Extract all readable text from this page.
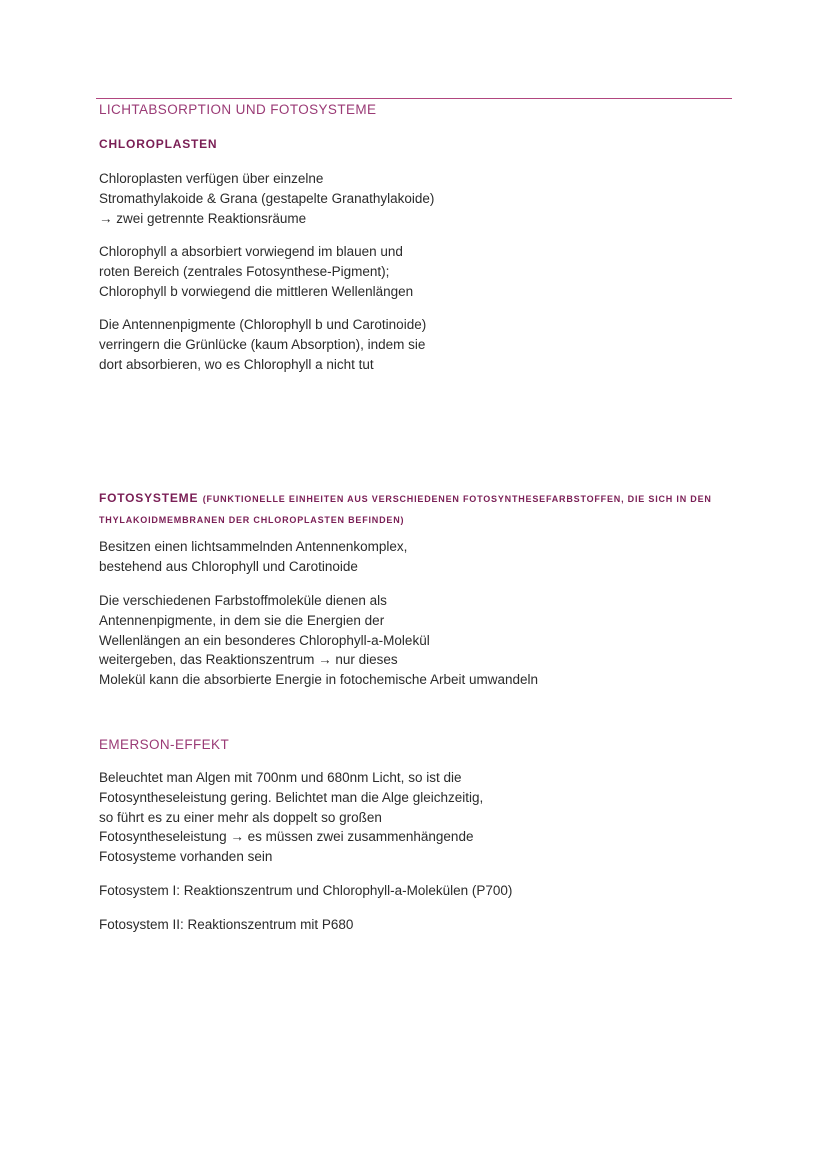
LICHTABSORPTION UND FOTOSYSTEME
CHLOROPLASTEN
Chloroplasten verfügen über einzelne
Stromathylakoide & Grana (gestapelte Granathylakoide)
→ zwei getrennte Reaktionsräume
Chlorophyll a absorbiert vorwiegend im blauen und
roten Bereich (zentrales Fotosynthese-Pigment);
Chlorophyll b vorwiegend die mittleren Wellenlängen
Die Antennenpigmente (Chlorophyll b und Carotinoide)
verringern die Grünlücke (kaum Absorption), indem sie
dort absorbieren, wo es Chlorophyll a nicht tut
FOTOSYSTEME (FUNKTIONELLE EINHEITEN AUS VERSCHIEDENEN FOTOSYNTHESEFARBSTOFFEN, DIE SICH IN DEN THYLAKOIDMEMBRANEN DER CHLOROPLASTEN BEFINDEN)
Besitzen einen lichtsammelnden Antennenkomplex,
bestehend aus Chlorophyll und Carotinoide
Die verschiedenen Farbstoffmoleküle dienen als
Antennenpigmente, in dem sie die Energien der
Wellenlängen an ein besonderes Chlorophyll-a-Molekül
weitergeben, das Reaktionszentrum → nur dieses
Molekül kann die absorbierte Energie in fotochemische Arbeit umwandeln
EMERSON-EFFEKT
Beleuchtet man Algen mit 700nm und 680nm Licht, so ist die
Fotosyntheseleistung gering. Belichtet man die Alge gleichzeitig,
so führt es zu einer mehr als doppelt so großen
Fotosyntheseleistung → es müssen zwei zusammenhängende
Fotosysteme vorhanden sein
Fotosystem I: Reaktionszentrum und Chlorophyll-a-Molekülen (P700)
Fotosystem II: Reaktionszentrum mit P680
